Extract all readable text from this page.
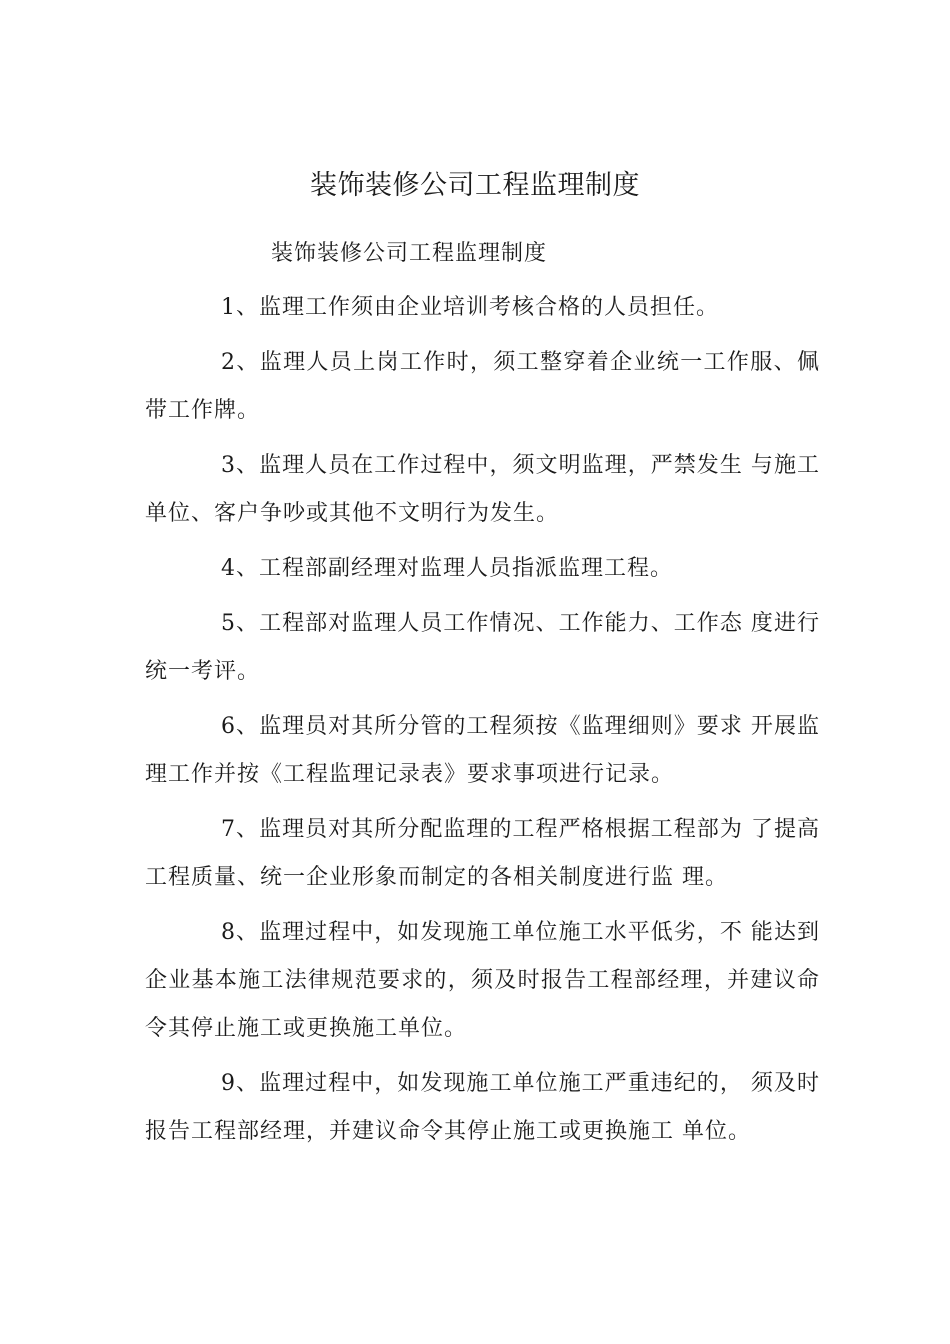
装饰装修公司工程监理制度
装饰装修公司工程监理制度

1、监理工作须由企业培训考核合格的人员担任。

2、监理人员上岗工作时，须工整穿着企业统一工作服、佩带工作牌。

3、监理人员在工作过程中，须文明监理，严禁发生 与施工单位、客户争吵或其他不文明行为发生。

4、工程部副经理对监理人员指派监理工程。

5、工程部对监理人员工作情况、工作能力、工作态 度进行统一考评。

6、监理员对其所分管的工程须按《监理细则》要求 开展监理工作并按《工程监理记录表》要求事项进行记录。

7、监理员对其所分配监理的工程严格根据工程部为 了提高工程质量、统一企业形象而制定的各相关制度进行监 理。

8、监理过程中，如发现施工单位施工水平低劣，不 能达到企业基本施工法律规范要求的，须及时报告工程部经理，并建议命令其停止施工或更换施工单位。

9、监理过程中，如发现施工单位施工严重违纪的， 须及时报告工程部经理，并建议命令其停止施工或更换施工 单位。
